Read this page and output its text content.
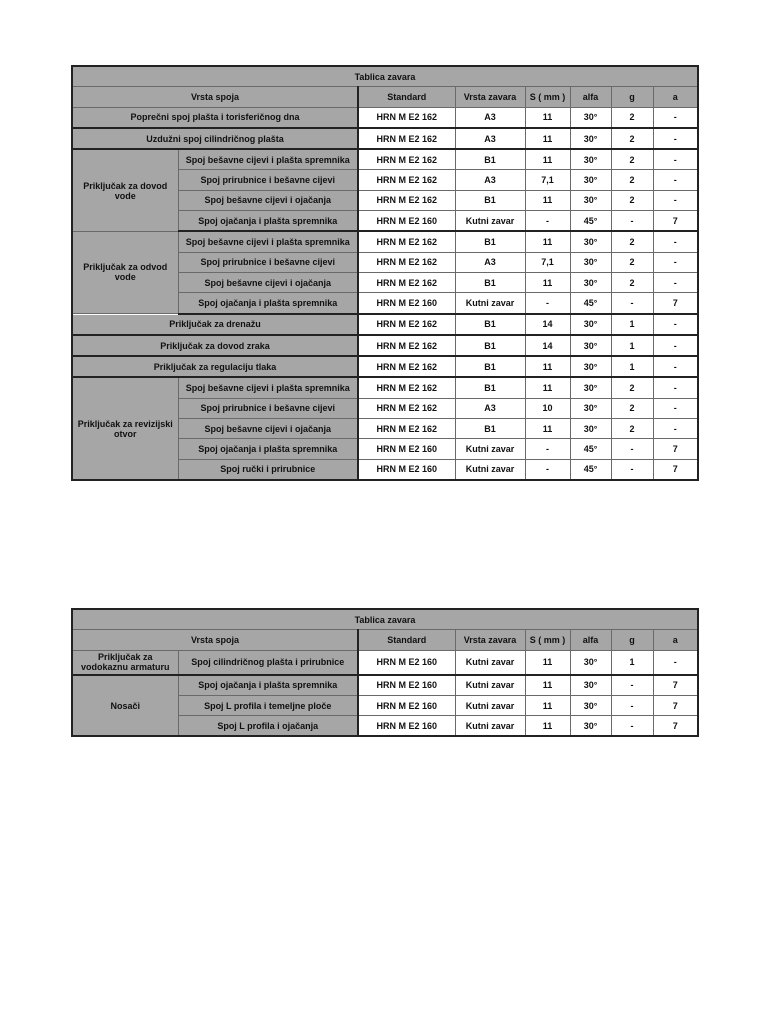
Tablica zavara							
Vrsta spoja		Standard	Vrsta zavara	S ( mm )	alfa	g	a
Poprečni spoj plašta i torisferičnog dna		HRN M E2 162	A3	11	30°	2	-
Uzdužni spoj cilindričnog plašta		HRN M E2 162	A3	11	30°	2	-
Priključak za dovod vode	Spoj bešavne cijevi i plašta spremnika	HRN M E2 162	B1	11	30°	2	-
	Spoj prirubnice i bešavne cijevi	HRN M E2 162	A3	7,1	30°	2	-
	Spoj bešavne cijevi i ojačanja	HRN M E2 162	B1	11	30°	2	-
	Spoj ojačanja i plašta spremnika	HRN M E2 160	Kutni zavar	-	45°	-	7
Priključak za odvod vode	Spoj bešavne cijevi i plašta spremnika	HRN M E2 162	B1	11	30°	2	-
	Spoj prirubnice i bešavne cijevi	HRN M E2 162	A3	7,1	30°	2	-
	Spoj bešavne cijevi i ojačanja	HRN M E2 162	B1	11	30°	2	-
	Spoj ojačanja i plašta spremnika	HRN M E2 160	Kutni zavar	-	45°	-	7
Priključak za drenažu		HRN M E2 162	B1	14	30°	1	-
Priključak za dovod zraka		HRN M E2 162	B1	14	30°	1	-
Priključak za regulaciju tlaka		HRN M E2 162	B1	11	30°	1	-
Priključak za revizijski otvor	Spoj bešavne cijevi i plašta spremnika	HRN M E2 162	B1	11	30°	2	-
	Spoj prirubnice i bešavne cijevi	HRN M E2 162	A3	10	30°	2	-
	Spoj bešavne cijevi i ojačanja	HRN M E2 162	B1	11	30°	2	-
	Spoj ojačanja i plašta spremnika	HRN M E2 160	Kutni zavar	-	45°	-	7
	Spoj ručki i prirubnice	HRN M E2 160	Kutni zavar	-	45°	-	7
Tablica zavara							
Vrsta spoja		Standard	Vrsta zavara	S ( mm )	alfa	g	a
Priključak za vodokaznu armaturu	Spoj cilindričnog plašta i prirubnice	HRN M E2 160	Kutni zavar	11	30°	1	-
Nosači	Spoj ojačanja i plašta spremnika	HRN M E2 160	Kutni zavar	11	30°	-	7
	Spoj L profila i temeljne ploče	HRN M E2 160	Kutni zavar	11	30°	-	7
	Spoj L profila i ojačanja	HRN M E2 160	Kutni zavar	11	30°	-	7
